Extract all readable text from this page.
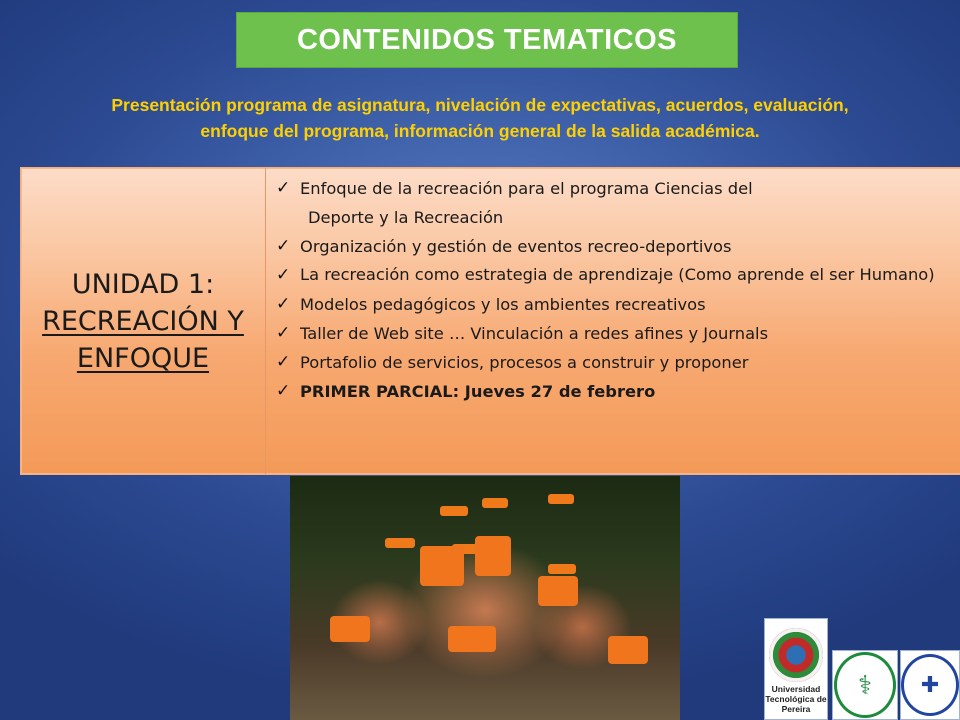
CONTENIDOS TEMATICOS
Presentación programa de asignatura, nivelación de expectativas, acuerdos, evaluación,
enfoque del programa, información general de la salida académica.
UNIDAD 1:
RECREACIÓN Y
ENFOQUE
✓ Enfoque de la recreación para el programa Ciencias del
Deporte y la Recreación
✓ Organización y gestión de eventos recreo-deportivos
✓ La recreación como estrategia de aprendizaje (Como aprende el ser Humano)
✓ Modelos pedagógicos y los ambientes recreativos
✓ Taller de Web site … Vinculación a redes afines y Journals
✓ Portafolio de servicios, procesos a construir y proponer
✓ PRIMER PARCIAL: Jueves 27 de febrero
Universidad Tecnológica de Pereira
⚕	✚
